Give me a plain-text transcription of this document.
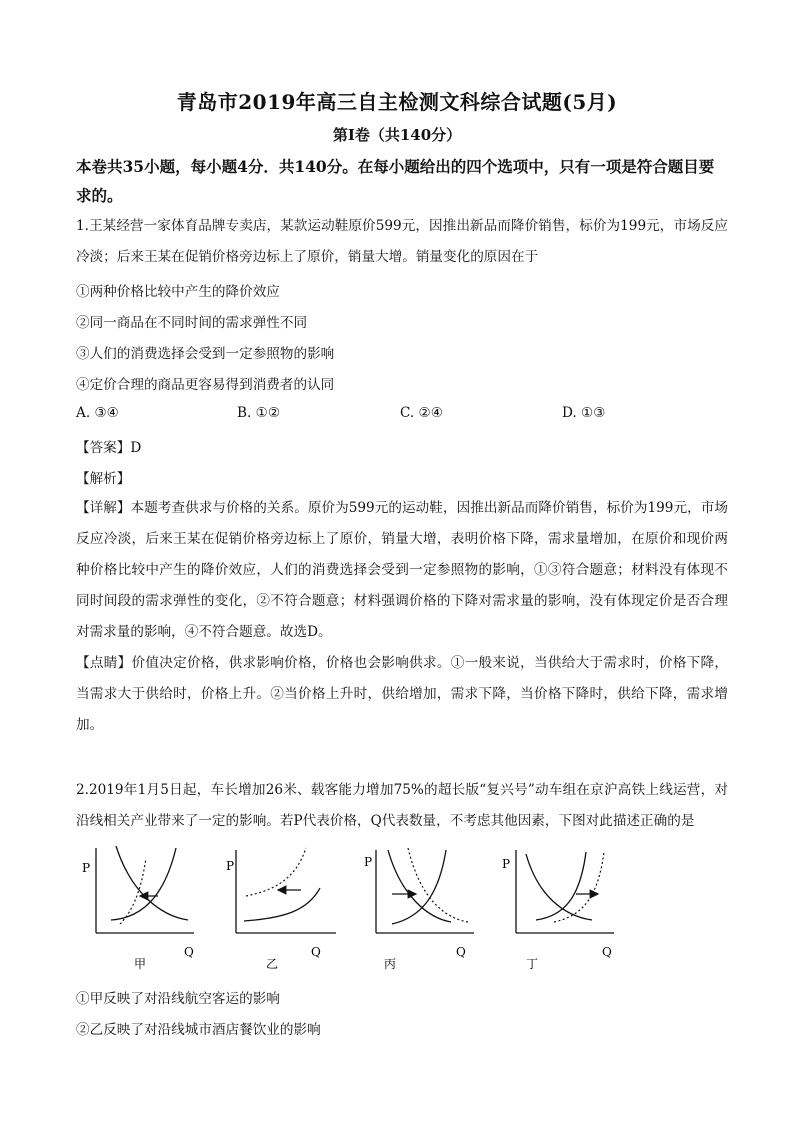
青岛市2019年高三自主检测文科综合试题(5月)
第Ⅰ卷（共140分）
本卷共35小题，每小题4分．共140分。在每小题给出的四个选项中，只有一项是符合题目要求的。
1.王某经营一家体育品牌专卖店，某款运动鞋原价599元，因推出新品而降价销售，标价为199元，市场反应冷淡；后来王某在促销价格旁边标上了原价，销量大增。销量变化的原因在于
①两种价格比较中产生的降价效应
②同一商品在不同时间的需求弹性不同
③人们的消费选择会受到一定参照物的影响
④定价合理的商品更容易得到消费者的认同
A. ③④	B. ①②	C. ②④	D. ①③
【答案】D
【解析】
【详解】本题考查供求与价格的关系。原价为599元的运动鞋，因推出新品而降价销售，标价为199元，市场反应冷淡，后来王某在促销价格旁边标上了原价，销量大增，表明价格下降，需求量增加，在原价和现价两种价格比较中产生的降价效应，人们的消费选择会受到一定参照物的影响，①③符合题意；材料没有体现不同时间段的需求弹性的变化，②不符合题意；材料强调价格的下降对需求量的影响，没有体现定价是否合理对需求量的影响，④不符合题意。故选D。
【点睛】价值决定价格，供求影响价格，价格也会影响供求。①一般来说，当供给大于需求时，价格下降，当需求大于供给时，价格上升。②当价格上升时，供给增加，需求下降，当价格下降时，供给下降，需求增加。
2.2019年1月5日起，车长增加26米、载客能力增加75%的超长版“复兴号”动车组在京沪高铁上线运营，对沿线相关产业带来了一定的影响。若P代表价格，Q代表数量，不考虑其他因素，下图对此描述正确的是
P
Q
甲
P
Q
乙
P
Q
丙
P
Q
丁
①甲反映了对沿线航空客运的影响
②乙反映了对沿线城市酒店餐饮业的影响
